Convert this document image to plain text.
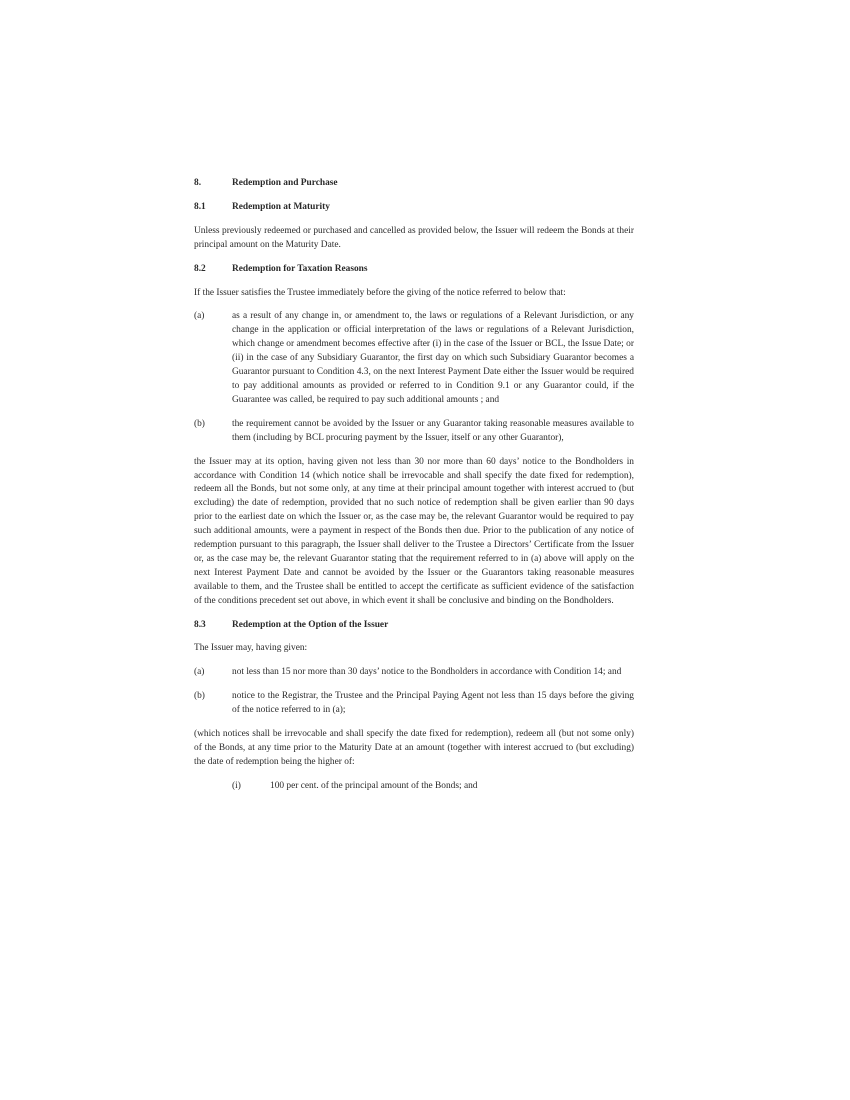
8.	Redemption and Purchase
8.1	Redemption at Maturity

Unless previously redeemed or purchased and cancelled as provided below, the Issuer will redeem the Bonds at their principal amount on the Maturity Date.

8.2	Redemption for Taxation Reasons

If the Issuer satisfies the Trustee immediately before the giving of the notice referred to below that:

(a)	as a result of any change in, or amendment to, the laws or regulations of a Relevant Jurisdiction, or any change in the application or official interpretation of the laws or regulations of a Relevant Jurisdiction, which change or amendment becomes effective after (i) in the case of the Issuer or BCL, the Issue Date; or (ii) in the case of any Subsidiary Guarantor, the first day on which such Subsidiary Guarantor becomes a Guarantor pursuant to Condition 4.3, on the next Interest Payment Date either the Issuer would be required to pay additional amounts as provided or referred to in Condition 9.1 or any Guarantor could, if the Guarantee was called, be required to pay such additional amounts ; and
(b)	the requirement cannot be avoided by the Issuer or any Guarantor taking reasonable measures available to them (including by BCL procuring payment by the Issuer, itself or any other Guarantor),

the Issuer may at its option, having given not less than 30 nor more than 60 days’ notice to the Bondholders in accordance with Condition 14 (which notice shall be irrevocable and shall specify the date fixed for redemption), redeem all the Bonds, but not some only, at any time at their principal amount together with interest accrued to (but excluding) the date of redemption, provided that no such notice of redemption shall be given earlier than 90 days prior to the earliest date on which the Issuer or, as the case may be, the relevant Guarantor would be required to pay such additional amounts, were a payment in respect of the Bonds then due. Prior to the publication of any notice of redemption pursuant to this paragraph, the Issuer shall deliver to the Trustee a Directors’ Certificate from the Issuer or, as the case may be, the relevant Guarantor stating that the requirement referred to in (a) above will apply on the next Interest Payment Date and cannot be avoided by the Issuer or the Guarantors taking reasonable measures available to them, and the Trustee shall be entitled to accept the certificate as sufficient evidence of the satisfaction of the conditions precedent set out above, in which event it shall be conclusive and binding on the Bondholders.

8.3	Redemption at the Option of the Issuer

The Issuer may, having given:

(a)	not less than 15 nor more than 30 days’ notice to the Bondholders in accordance with Condition 14; and
(b)	notice to the Registrar, the Trustee and the Principal Paying Agent not less than 15 days before the giving of the notice referred to in (a);

(which notices shall be irrevocable and shall specify the date fixed for redemption), redeem all (but not some only) of the Bonds, at any time prior to the Maturity Date at an amount (together with interest accrued to (but excluding) the date of redemption being the higher of:

(i)	100 per cent. of the principal amount of the Bonds; and
